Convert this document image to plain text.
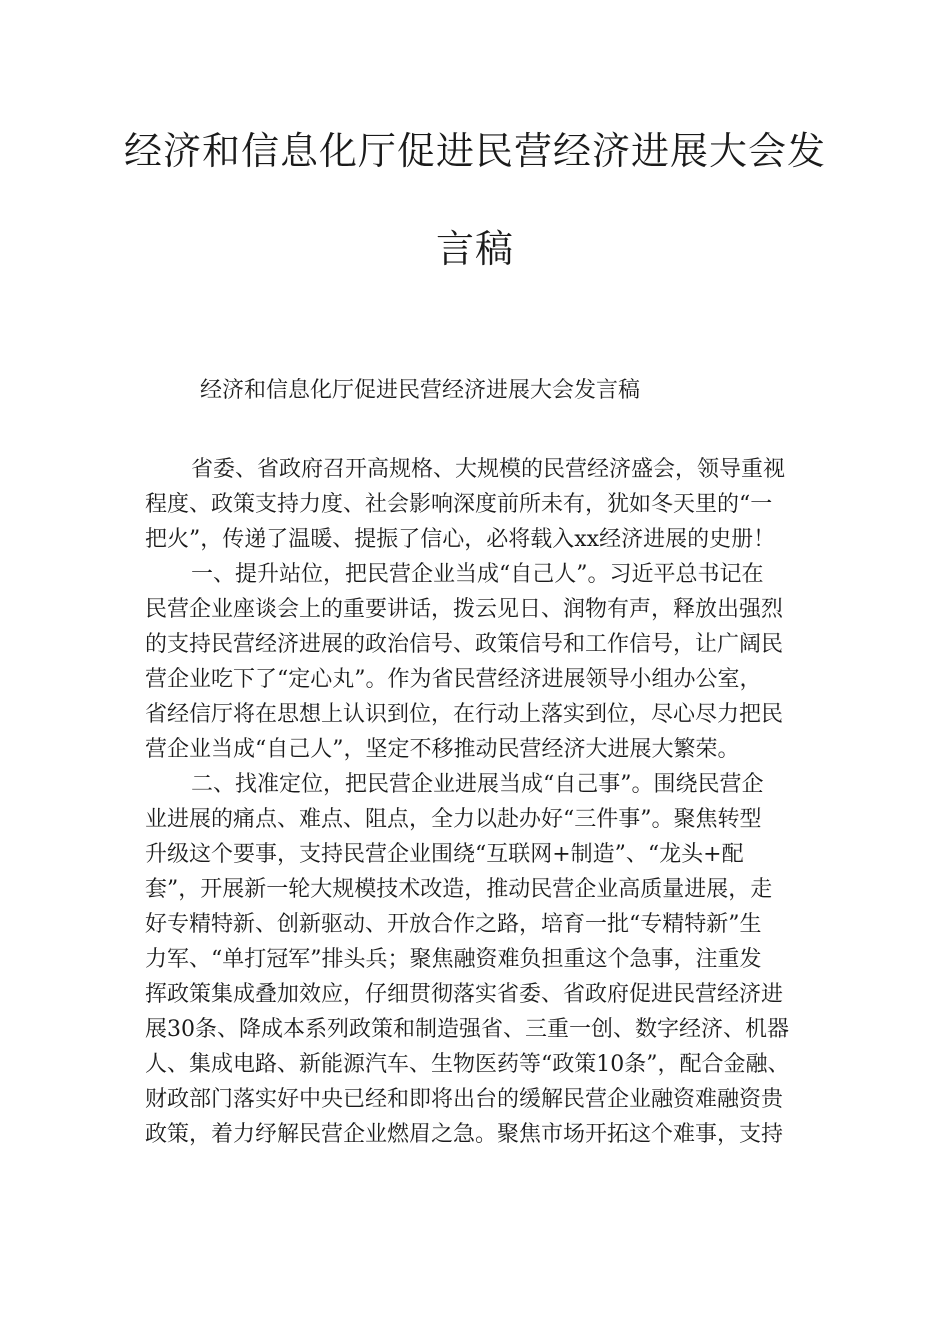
经济和信息化厅促进民营经济进展大会发
言稿

经济和信息化厅促进民营经济进展大会发言稿

省委、省政府召开高规格、大规模的民营经济盛会，领导重视
程度、政策支持力度、社会影响深度前所未有，犹如冬天里的“一
把火”，传递了温暖、提振了信心，必将载入xx经济进展的史册！
一、提升站位，把民营企业当成“自己人”。习近平总书记在
民营企业座谈会上的重要讲话，拨云见日、润物有声，释放出强烈
的支持民营经济进展的政治信号、政策信号和工作信号，让广阔民
营企业吃下了“定心丸”。作为省民营经济进展领导小组办公室，
省经信厅将在思想上认识到位，在行动上落实到位，尽心尽力把民
营企业当成“自己人”，坚定不移推动民营经济大进展大繁荣。
二、找准定位，把民营企业进展当成“自己事”。围绕民营企
业进展的痛点、难点、阻点，全力以赴办好“三件事”。聚焦转型
升级这个要事，支持民营企业围绕“互联网+制造”、“龙头+配
套”，开展新一轮大规模技术改造，推动民营企业高质量进展，走
好专精特新、创新驱动、开放合作之路，培育一批“专精特新”生
力军、“单打冠军”排头兵；聚焦融资难负担重这个急事，注重发
挥政策集成叠加效应，仔细贯彻落实省委、省政府促进民营经济进
展30条、降成本系列政策和制造强省、三重一创、数字经济、机器
人、集成电路、新能源汽车、生物医药等“政策10条”，配合金融、
财政部门落实好中央已经和即将出台的缓解民营企业融资难融资贵
政策，着力纾解民营企业燃眉之急。聚焦市场开拓这个难事，支持
